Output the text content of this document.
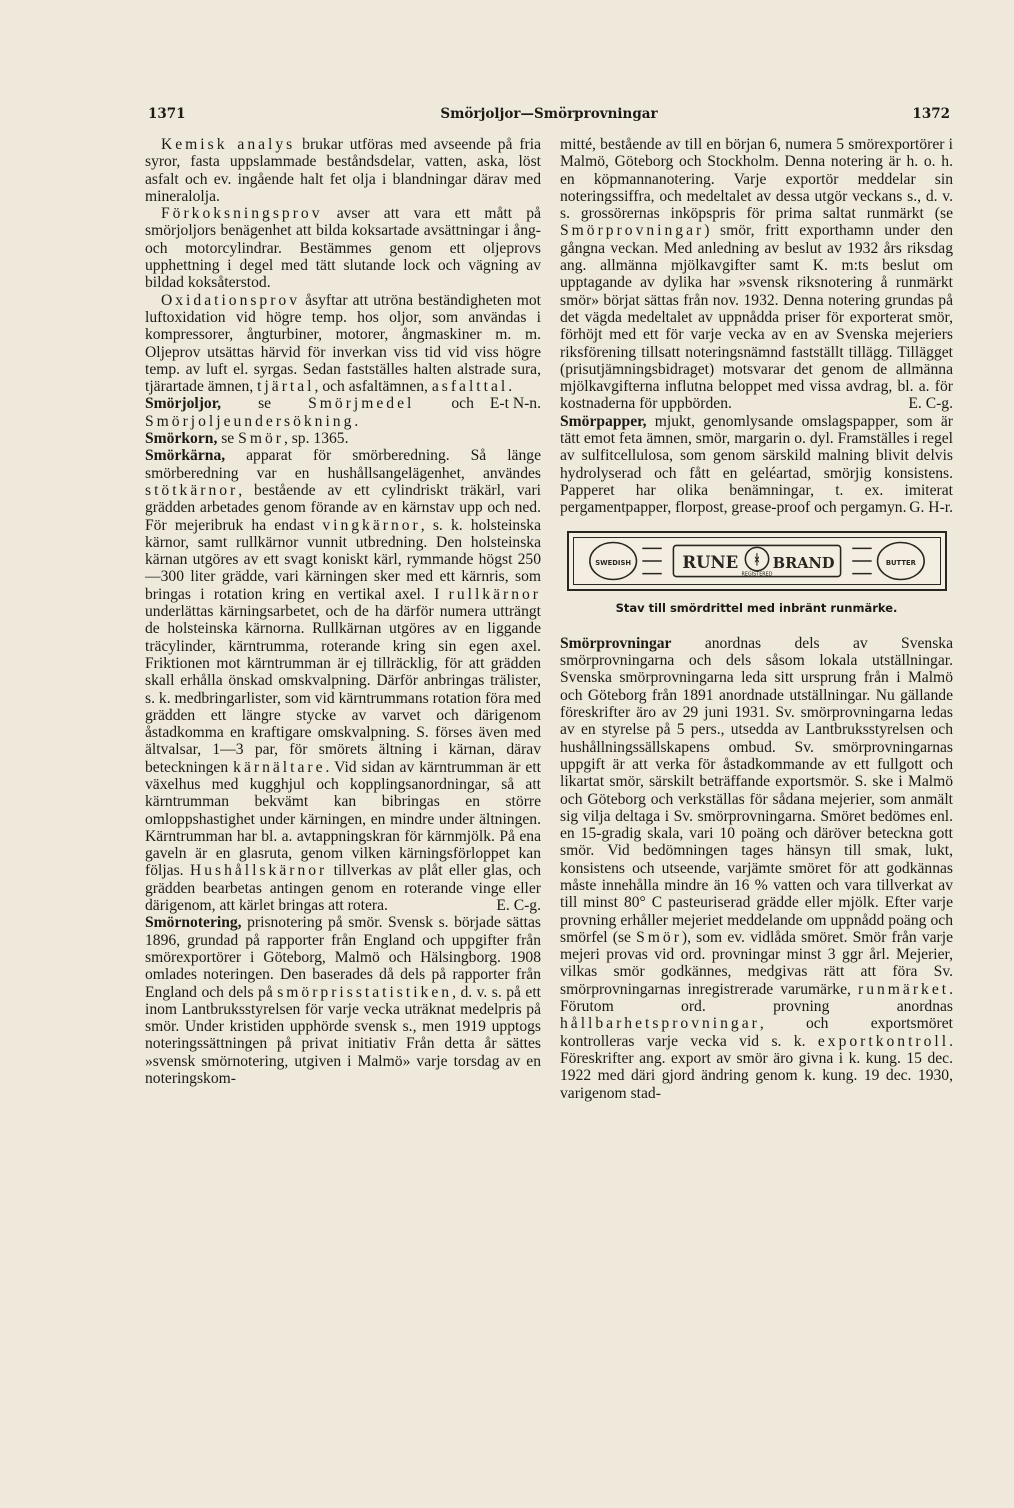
1371	Smörjoljor—Smörprovningar	1372

Kemisk analys brukar utföras med avseende på fria syror, fasta uppslammade beståndsdelar, vatten, aska, löst asfalt och ev. ingående halt fet olja i blandningar därav med mineralolja.

Förkoksningsprov avser att vara ett mått på smörjoljors benägenhet att bilda koksartade avsättningar i ång- och motorcylindrar. Bestämmes genom ett oljeprovs upphettning i degel med tätt slutande lock och vägning av bildad koksåterstod.

Oxidationsprov åsyftar att utröna beständigheten mot luftoxidation vid högre temp. hos oljor, som användas i kompressorer, ångturbiner, motorer, ångmaskiner m. m. Oljeprov utsättas härvid för inverkan viss tid vid viss högre temp. av luft el. syrgas. Sedan fastställes halten alstrade sura, tjärartade ämnen, tjärtal, och asfaltämnen, asfalttal.
E-t N-n.

Smörjoljor, se Smörjmedel och Smörjoljeundersökning.

Smörkorn, se Smör, sp. 1365.

Smörkärna, apparat för smörberedning. Så länge smörberedning var en hushållsangelägenhet, användes stötkärnor, bestående av ett cylindriskt träkärl, vari grädden arbetades genom förande av en kärnstav upp och ned. För mejeribruk ha endast vingkärnor, s. k. holsteinska kärnor, samt rullkärnor vunnit utbredning. Den holsteinska kärnan utgöres av ett svagt koniskt kärl, rymmande högst 250—300 liter grädde, vari kärningen sker med ett kärnris, som bringas i rotation kring en vertikal axel. I rullkärnor underlättas kärningsarbetet, och de ha därför numera utträngt de holsteinska kärnorna. Rullkärnan utgöres av en liggande träcylinder, kärntrumma, roterande kring sin egen axel. Friktionen mot kärntrumman är ej tillräcklig, för att grädden skall erhålla önskad omskvalpning. Därför anbringas trälister, s. k. medbringarlister, som vid kärntrummans rotation föra med grädden ett längre stycke av varvet och därigenom åstadkomma en kraftigare omskvalpning. S. förses även med ältvalsar, 1—3 par, för smörets ältning i kärnan, därav beteckningen kärnältare. Vid sidan av kärntrumman är ett växelhus med kugghjul och kopplingsanordningar, så att kärntrumman bekvämt kan bibringas en större omloppshastighet under kärningen, en mindre under ältningen. Kärntrumman har bl. a. avtappningskran för kärnmjölk. På ena gaveln är en glasruta, genom vilken kärningsförloppet kan följas. Hushållskärnor tillverkas av plåt eller glas, och grädden bearbetas antingen genom en roterande vinge eller därigenom, att kärlet bringas att rotera.	E. C-g.

Smörnotering, prisnotering på smör. Svensk s. började sättas 1896, grundad på rapporter från England och uppgifter från smörexportörer i Göteborg, Malmö och Hälsingborg. 1908 omlades noteringen. Den baserades då dels på rapporter från England och dels på smörprisstatistiken, d. v. s. på ett inom Lantbruksstyrelsen för varje vecka uträknat medelpris på smör. Under kristiden upphörde svensk s., men 1919 upptogs noteringssättningen på privat initiativ Från detta år sättes »svensk smörnotering, utgiven i Malmö» varje torsdag av en noteringskom-

mitté, bestående av till en början 6, numera 5 smörexportörer i Malmö, Göteborg och Stockholm. Denna notering är h. o. h. en köpmannanotering. Varje exportör meddelar sin noteringssiffra, och medeltalet av dessa utgör veckans s., d. v. s. grossörernas inköpspris för prima saltat runmärkt (se Smörprovningar) smör, fritt exporthamn under den gångna veckan. Med anledning av beslut av 1932 års riksdag ang. allmänna mjölkavgifter samt K. m:ts beslut om upptagande av dylika har »svensk riksnotering å runmärkt smör» börjat sättas från nov. 1932. Denna notering grundas på det vägda medeltalet av uppnådda priser för exporterat smör, förhöjt med ett för varje vecka av en av Svenska mejeriers riksförening tillsatt noteringsnämnd fastställt tillägg. Tillägget (prisutjämningsbidraget) motsvarar det genom de allmänna mjölkavgifterna influtna beloppet med vissa avdrag, bl. a. för kostnaderna för uppbörden.	E. C-g.

Smörpapper, mjukt, genomlysande omslagspapper, som är tätt emot feta ämnen, smör, margarin o. dyl. Framställes i regel av sulfitcellulosa, som genom särskild malning blivit delvis hydrolyserad och fått en geléartad, smörjig konsistens. Papperet har olika benämningar, t. ex. imiterat pergamentpapper, florpost, grease-proof och pergamyn. G. H-r.

SWEDISH	BUTTER
RUNE BRAND
ᚼ
REGISTERED
Stav till smördrittel med inbränt runmärke.

Smörprovningar anordnas dels av Svenska smörprovningarna och dels såsom lokala utställningar. Svenska smörprovningarna leda sitt ursprung från i Malmö och Göteborg från 1891 anordnade utställningar. Nu gällande föreskrifter äro av 29 juni 1931. Sv. smörprovningarna ledas av en styrelse på 5 pers., utsedda av Lantbruksstyrelsen och hushållningssällskapens ombud. Sv. smörprovningarnas uppgift är att verka för åstadkommande av ett fullgott och likartat smör, särskilt beträffande exportsmör. S. ske i Malmö och Göteborg och verkställas för sådana mejerier, som anmält sig vilja deltaga i Sv. smörprovningarna. Smöret bedömes enl. en 15-gradig skala, vari 10 poäng och däröver beteckna gott smör. Vid bedömningen tages hänsyn till smak, lukt, konsistens och utseende, varjämte smöret för att godkännas måste innehålla mindre än 16 % vatten och vara tillverkat av till minst 80° C pasteuriserad grädde eller mjölk. Efter varje provning erhåller mejeriet meddelande om uppnådd poäng och smörfel (se Smör), som ev. vidlåda smöret. Smör från varje mejeri provas vid ord. provningar minst 3 ggr årl. Mejerier, vilkas smör godkännes, medgivas rätt att föra Sv. smörprovningarnas inregistrerade varumärke, runmärket. Förutom ord. provning anordnas hållbarhetsprovningar, och exportsmöret kontrolleras varje vecka vid s. k. exportkontroll. Föreskrifter ang. export av smör äro givna i k. kung. 15 dec. 1922 med däri gjord ändring genom k. kung. 19 dec. 1930, varigenom stad-
